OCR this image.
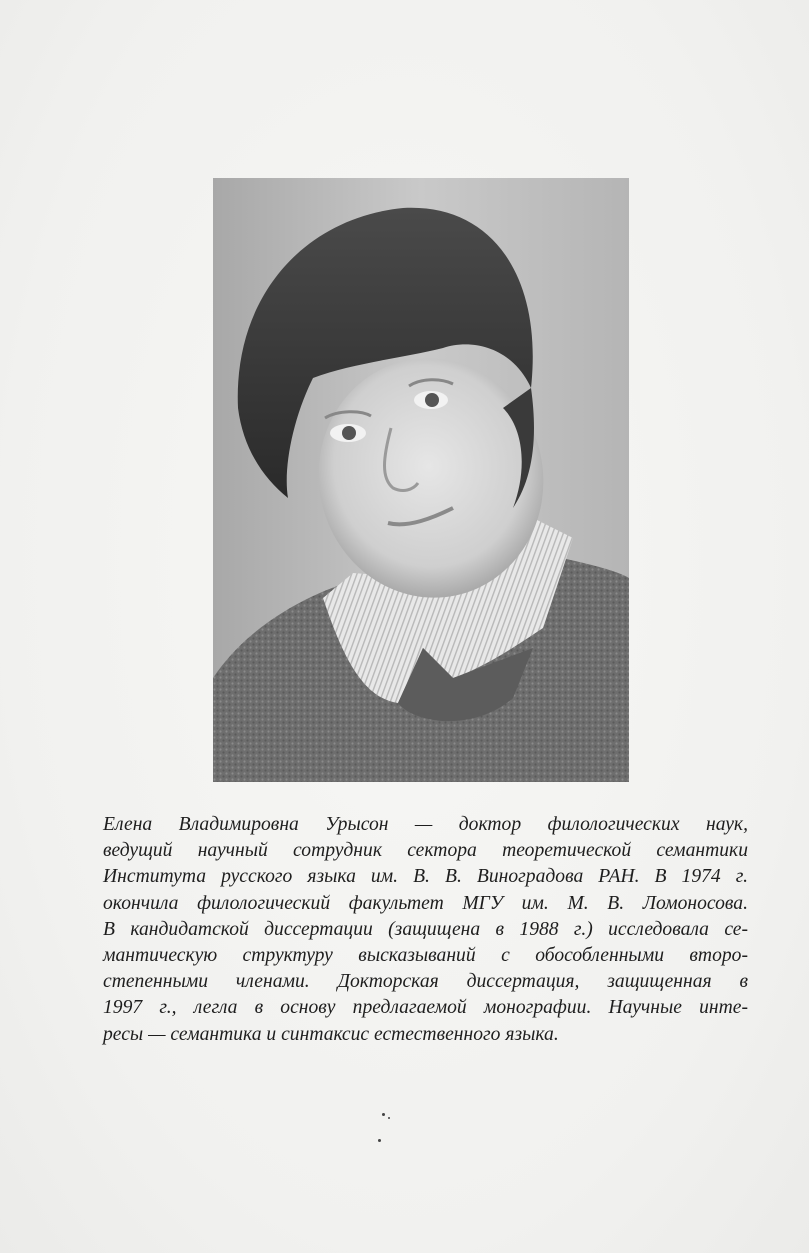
Елена Владимировна Урысон — доктор филологических наук,
ведущий научный сотрудник сектора теоретической семантики
Института русского языка им. В. В. Виноградова РАН. В 1974 г.
окончила филологический факультет МГУ им. М. В. Ломоносова.
В кандидатской диссертации (защищена в 1988 г.) исследовала се-
мантическую структуру высказываний с обособленными второ-
степенными членами. Докторская диссертация, защищенная в
1997 г., легла в основу предлагаемой монографии. Научные инте-
ресы — семантика и синтаксис естественного языка.
